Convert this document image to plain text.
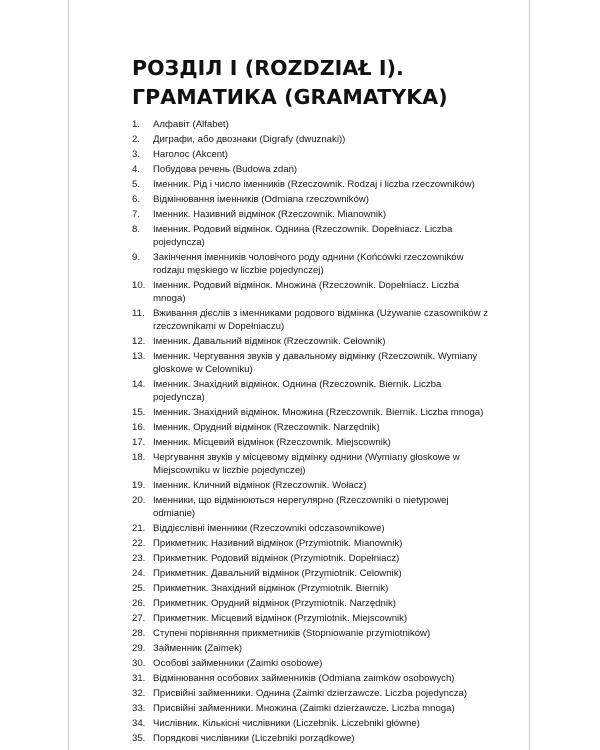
РОЗДІЛ I (ROZDZIAŁ I).
ГРАМАТИКА (GRAMATYKA)
1.	Алфавіт (Alfabet)
2.	Диграфи, або двознаки (Digrafy (dwuznaki))
3.	Наголос (Akcent)
4.	Побудова речень (Budowa zdań)
5.	Іменник. Рід і число іменників (Rzeczownik. Rodzaj i liczba rzeczowników)
6.	Відмінювання іменників (Odmiana rzeczowników)
7.	Іменник. Називний відмінок (Rzeczownik. Mianownik)
8.	Іменник. Родовий відмінок. Однина (Rzeczownik. Dopełniacz. Liczba pojedyncza)
9.	Закінчення іменників чоловічого роду однини (Końcówki rzeczowników rodzaju męskiego w liczbie pojedynczej)
10. Іменник. Родовий відмінок. Множина (Rzeczownik. Dopełniacz. Liczba mnoga)
11. Вживання дієслів з іменниками родового відмінка (Używanie czasowników z rzeczownikami w Dopełniaczu)
12. Іменник. Давальний відмінок (Rzeczownik. Celownik)
13. Іменник. Чергування звуків у давальному відмінку (Rzeczownik. Wymiany głoskowe w Celowniku)
14. Іменник. Знахідний відмінок. Однина (Rzeczownik. Biernik. Liczba pojedyncza)
15. Іменник. Знахідний відмінок. Множина (Rzeczownik. Biernik. Liczba mnoga)
16. Іменник. Орудний відмінок (Rzeczownik. Narzędnik)
17. Іменник. Місцевий відмінок (Rzeczownik. Miejscownik)
18. Чергування звуків у місцевому відмінку однини (Wymiany głoskowe w Miejscowniku w liczbie pojedynczej)
19. Іменник. Кличний відмінок (Rzeczownik. Wołacz)
20. Іменники, що відмінюються нерегулярно (Rzeczowniki o nietypowej odmianie)
21. Віддієслівні іменники (Rzeczowniki odczasownikowe)
22. Прикметник. Називний відмінок (Przymiotnik. Mianownik)
23. Прикметник. Родовий відмінок (Przymiotnik. Dopełniacz)
24. Прикметник. Давальний відмінок (Przymiotnik. Celownik)
25. Прикметник. Знахідний відмінок (Przymiotnik. Biernik)
26. Прикметник. Орудний відмінок (Przymiotnik. Narzędnik)
27. Прикметник. Місцевий відмінок (Przymiotnik. Miejscownik)
28. Ступені порівняння прикметників (Stopniowanie przymiotników)
29. Займенник (Zaimek)
30. Особові займенники (Zaimki osobowe)
31. Відмінювання особових займенників (Odmiana zaimków osobowych)
32. Присвійні займенники. Однина (Zaimki dzierżawcze. Liczba pojedyncza)
33. Присвійні займенники. Множина (Zaimki dzierżawcze. Liczba mnoga)
34. Числівник. Кількісні числівники (Liczebnik. Liczebniki główne)
35. Порядкові числівники (Liczebniki porządkowe)
